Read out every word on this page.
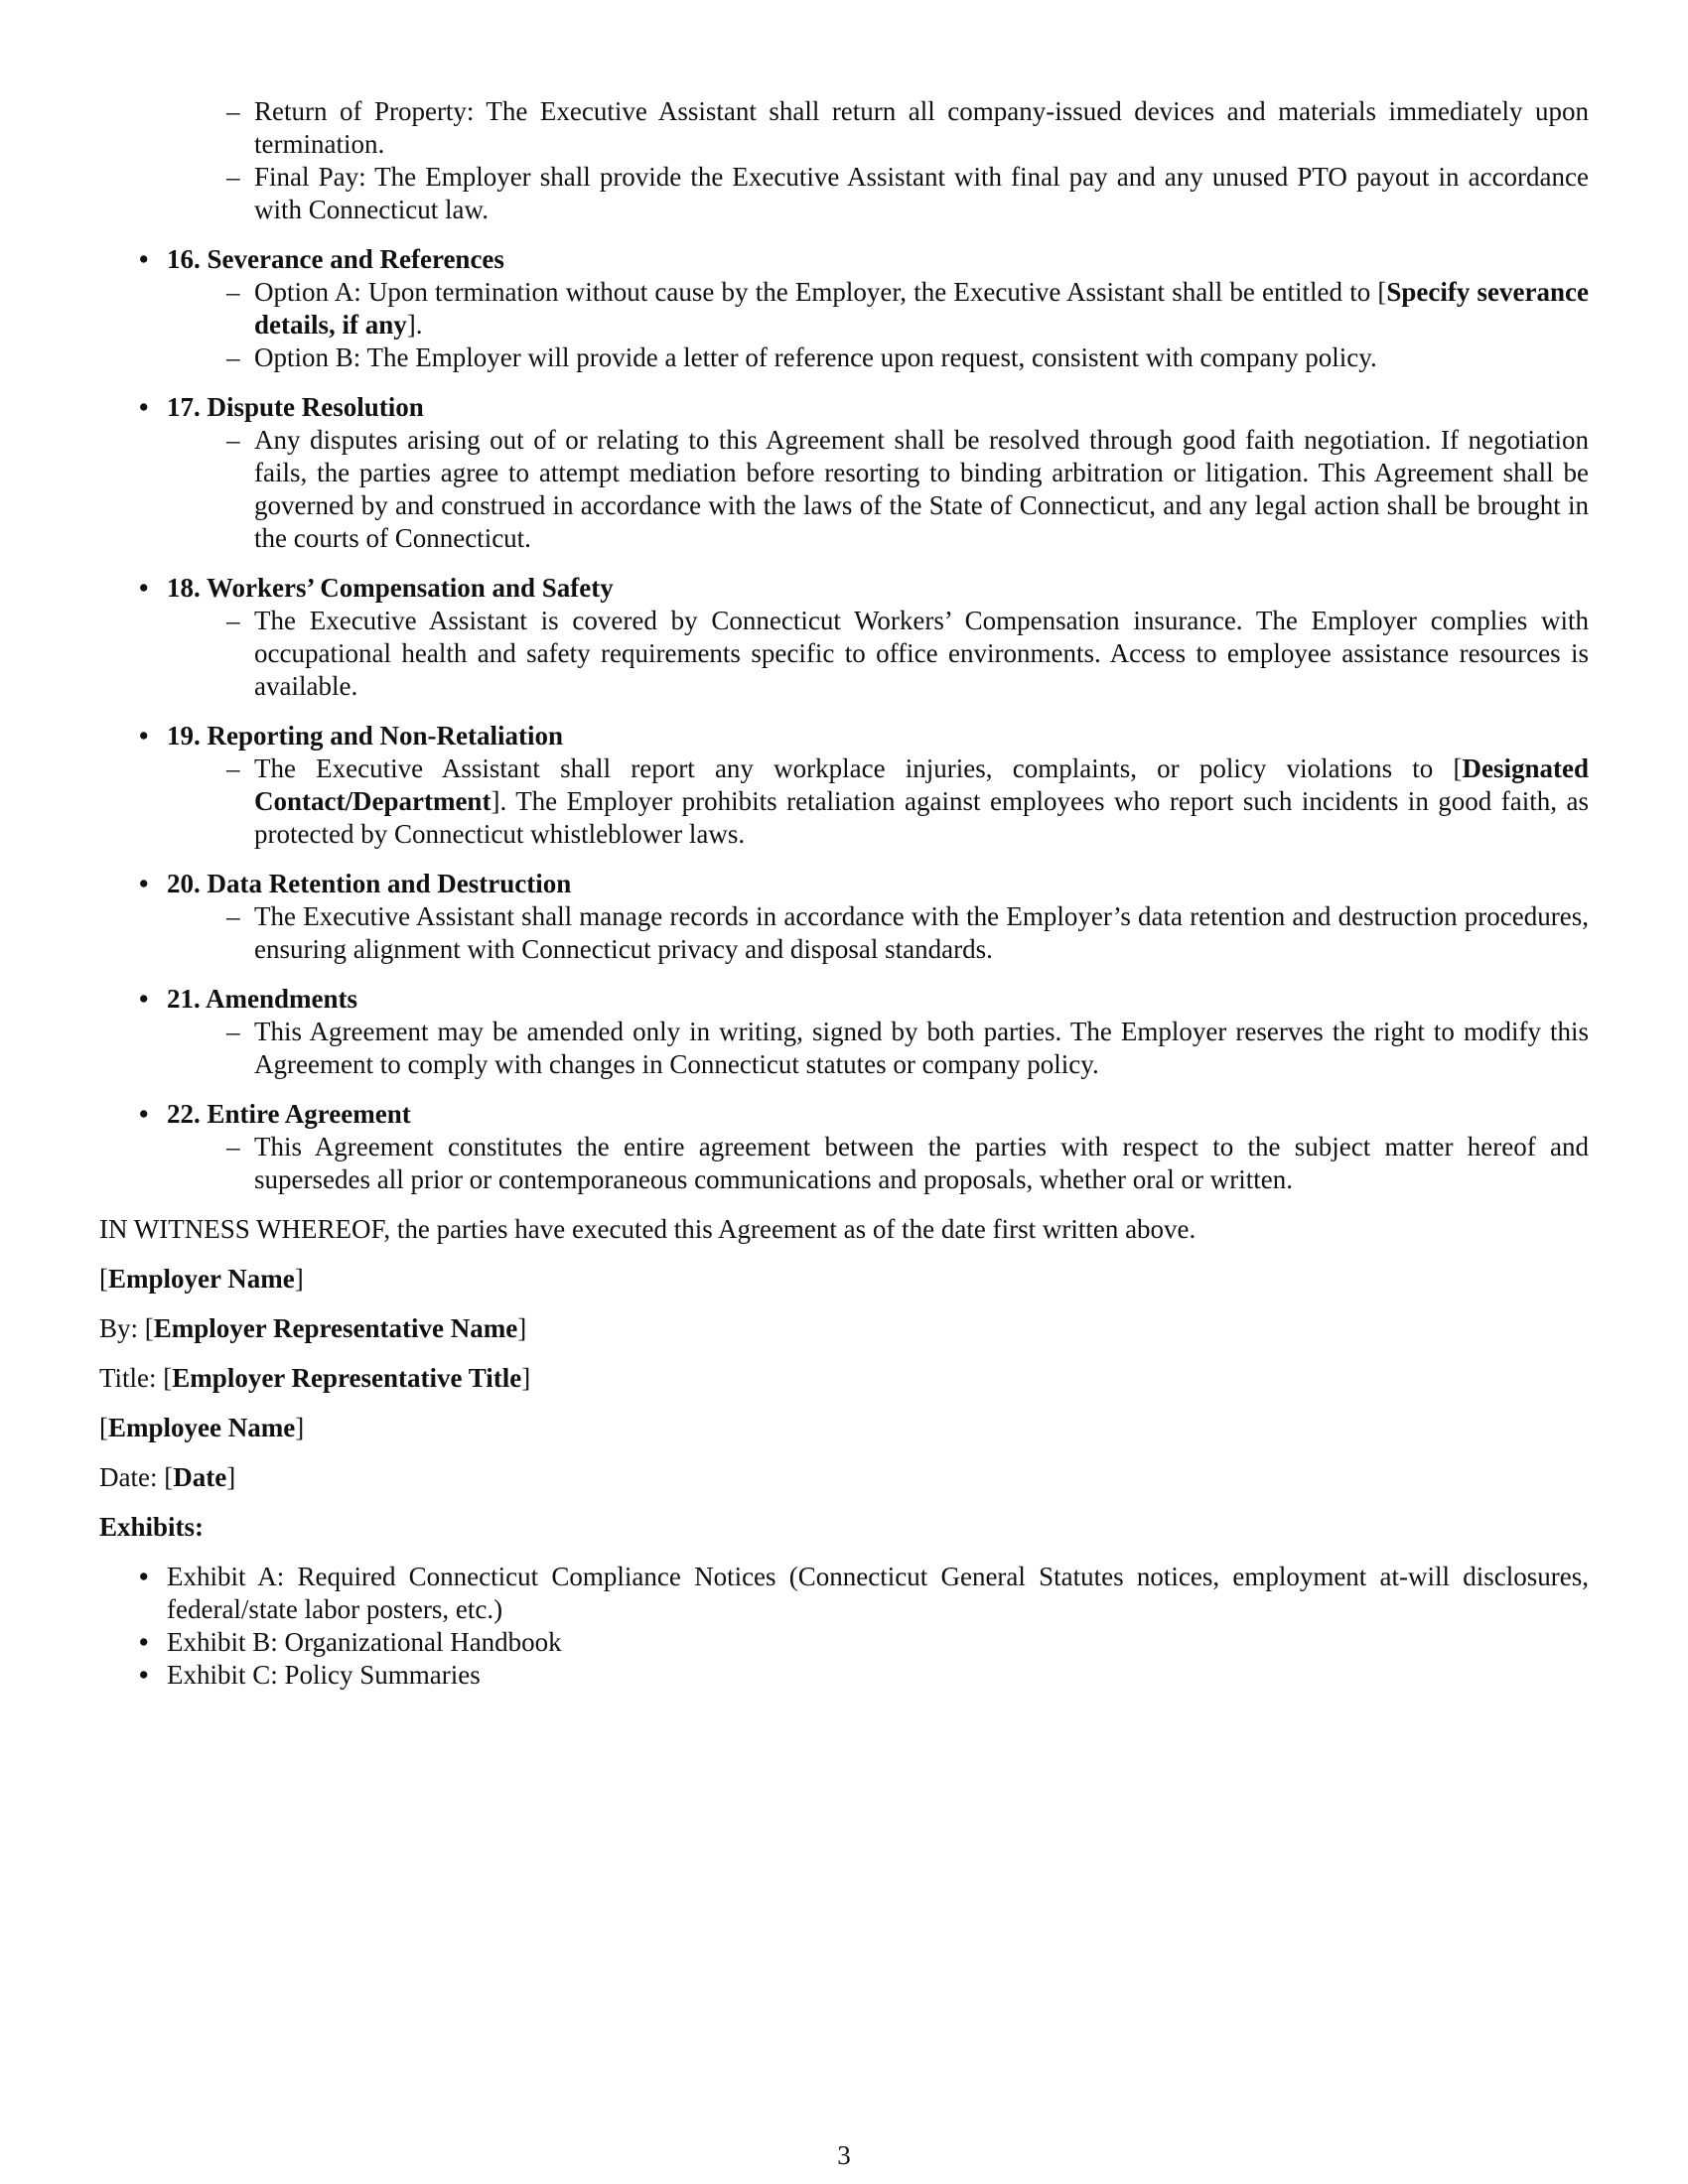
– Return of Property: The Executive Assistant shall return all company-issued devices and materials immediately upon termination.
– Final Pay: The Employer shall provide the Executive Assistant with final pay and any unused PTO payout in accordance with Connecticut law.
• 16. Severance and References
– Option A: Upon termination without cause by the Employer, the Executive Assistant shall be entitled to [Specify severance details, if any].
– Option B: The Employer will provide a letter of reference upon request, consistent with company policy.
• 17. Dispute Resolution
– Any disputes arising out of or relating to this Agreement shall be resolved through good faith negotiation. If negotiation fails, the parties agree to attempt mediation before resorting to binding arbitration or litigation. This Agreement shall be governed by and construed in accordance with the laws of the State of Connecticut, and any legal action shall be brought in the courts of Connecticut.
• 18. Workers’ Compensation and Safety
– The Executive Assistant is covered by Connecticut Workers’ Compensation insurance. The Employer complies with occupational health and safety requirements specific to office environments. Access to employee assistance resources is available.
• 19. Reporting and Non-Retaliation
– The Executive Assistant shall report any workplace injuries, complaints, or policy violations to [Designated Contact/Department]. The Employer prohibits retaliation against employees who report such incidents in good faith, as protected by Connecticut whistleblower laws.
• 20. Data Retention and Destruction
– The Executive Assistant shall manage records in accordance with the Employer’s data retention and destruction procedures, ensuring alignment with Connecticut privacy and disposal standards.
• 21. Amendments
– This Agreement may be amended only in writing, signed by both parties. The Employer reserves the right to modify this Agreement to comply with changes in Connecticut statutes or company policy.
• 22. Entire Agreement
– This Agreement constitutes the entire agreement between the parties with respect to the subject matter hereof and supersedes all prior or contemporaneous communications and proposals, whether oral or written.
IN WITNESS WHEREOF, the parties have executed this Agreement as of the date first written above.
[Employer Name]
By: [Employer Representative Name]
Title: [Employer Representative Title]
[Employee Name]
Date: [Date]
Exhibits:
• Exhibit A: Required Connecticut Compliance Notices (Connecticut General Statutes notices, employment at-will disclosures, federal/state labor posters, etc.)
• Exhibit B: Organizational Handbook
• Exhibit C: Policy Summaries
3
